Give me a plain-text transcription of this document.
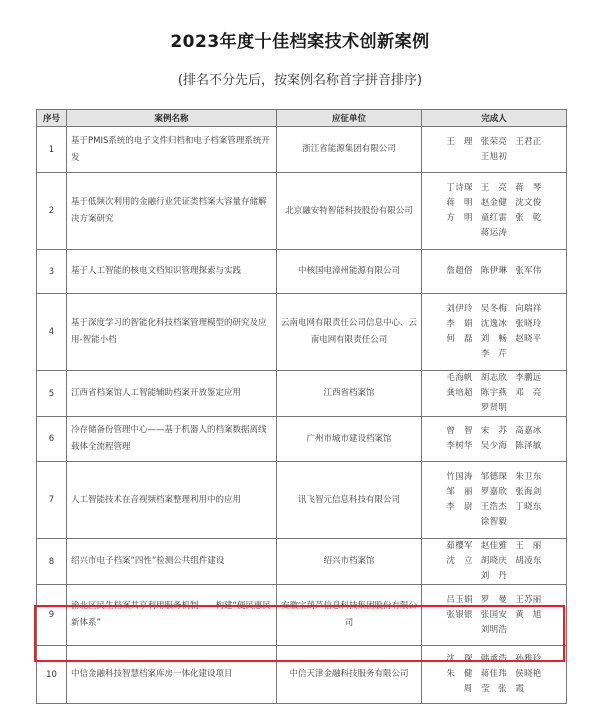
2023年度十佳档案技术创新案例
(排名不分先后，按案例名称首字拼音排序)
序号	案例名称	应征单位	完成人
1	基于PMIS系统的电子文件归档和电子档案管理系统开发	浙江省能源集团有限公司	王　理 张荣亮 王君正王旭初
2	基于低频次利用的金融行业凭证类档案大容量存储解决方案研究	北京融安特智能科技股份有限公司	丁诗琛 王　亮 蒋　琴蒋　明 赵金健 沈文俊方　明 童红雷 张　乾蒋运涛
3	基于人工智能的核电文档知识管理探索与实践	中核国电漳州能源有限公司	詹超俗 陈伊琳 张军伟
4	基于深度学习的智能化科技档案管理模型的研究及应用-智能小档	云南电网有限责任公司信息中心、云南电网有限责任公司	刘伊玲 吴冬梅 向瑞祥李　娟 沈逸冰 张晓玲何　磊 刘　畅 赵晓平李　芹
5	江西省档案馆人工智能辅助档案开放鉴定应用	江西省档案馆	毛海帆 胡志欣 李鹏远龚培超 陈宇燕 邓　亮罗贤明
6	冷存储备份管理中心——基于机器人的档案数据离线载体全流程管理	广州市城市建设档案馆	曾　智 宋　苏 高嘉冰李树华 吴少海 陈泽敏
7	人工智能技术在音视频档案整理利用中的应用	讯飞智元信息科技有限公司	竹国涛 邹德琛 朱卫东邹　丽 罗嘉欣 张海剑李　尉 王浩杰 丁晓东徐智毅
8	绍兴市电子档案“四性”检测公共组件建设	绍兴市档案馆	茹樱军 赵佳雅 王　丽沈　立 胡晓庆 胡凌东刘　丹
9	渝北区民生档案共享利用服务机制——构建“便民惠民新体系”	安徽宝葫芦信息科技集团股份有限公司	吕玉娟 罗　曼 王苏丽张银银 张国安 黄　旭刘明浩
10	中信金融科技智慧档案库房一体化建设项目	中信天津金融科技服务有限公司	沈　琛 韩承浩 孙雅玲朱　健 蒋佳玮 侯晓艳周　莹 张　霞
